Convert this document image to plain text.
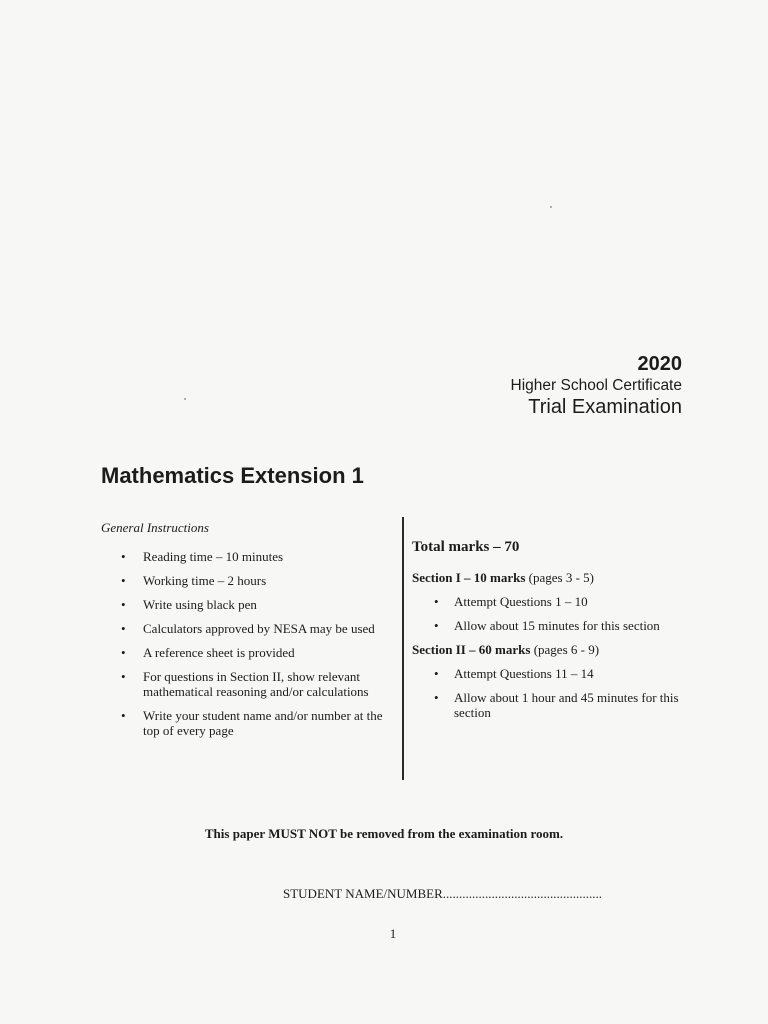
2020
Higher School Certificate
Trial Examination
Mathematics Extension 1
General Instructions
• Reading time – 10 minutes
• Working time – 2 hours
• Write using black pen
• Calculators approved by NESA may be used
• A reference sheet is provided
• For questions in Section II, show relevant mathematical reasoning and/or calculations
• Write your student name and/or number at the top of every page
Total marks – 70
Section I – 10 marks (pages 3 - 5)
• Attempt Questions 1 – 10
• Allow about 15 minutes for this section
Section II – 60 marks (pages 6 - 9)
• Attempt Questions 11 – 14
• Allow about 1 hour and 45 minutes for this section
This paper MUST NOT be removed from the examination room.
STUDENT NAME/NUMBER.................................................
1
